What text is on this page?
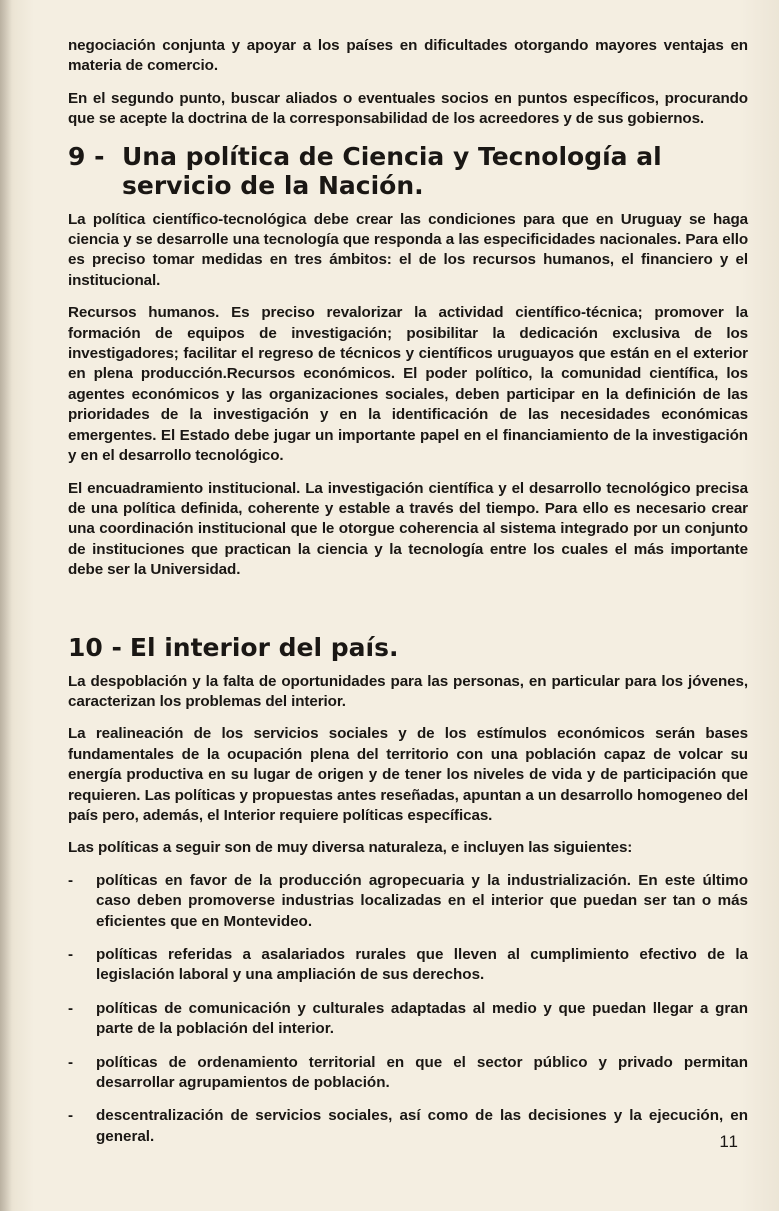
negociación conjunta y apoyar a los países en dificultades otorgando mayores ventajas en materia de comercio.

En el segundo punto, buscar aliados o eventuales socios en puntos específicos, procurando que se acepte la doctrina de la corresponsabilidad de los acreedores y de sus gobiernos.

9 - Una política de Ciencia y Tecnología al servicio de la Nación.

La política científico-tecnológica debe crear las condiciones para que en Uruguay se haga ciencia y se desarrolle una tecnología que responda a las especificidades nacionales. Para ello es preciso tomar medidas en tres ámbitos: el de los recursos humanos, el financiero y el institucional.

Recursos humanos. Es preciso revalorizar la actividad científico-técnica; promover la formación de equipos de investigación; posibilitar la dedicación exclusiva de los investigadores; facilitar el regreso de técnicos y científicos uruguayos que están en el exterior en plena producción.Recursos económicos. El poder político, la comunidad científica, los agentes económicos y las organizaciones sociales, deben participar en la definición de las prioridades de la investigación y en la identificación de las necesidades económicas emergentes. El Estado debe jugar un importante papel en el financiamiento de la investigación y en el desarrollo tecnológico.

El encuadramiento institucional. La investigación científica y el desarrollo tecnológico precisa de una política definida, coherente y estable a través del tiempo. Para ello es necesario crear una coordinación institucional que le otorgue coherencia al sistema integrado por un conjunto de instituciones que practican la ciencia y la tecnología entre los cuales el más importante debe ser la Universidad.

10 - El interior del país.

La despoblación y la falta de oportunidades para las personas, en particular para los jóvenes, caracterizan los problemas del interior.

La realineación de los servicios sociales y de los estímulos económicos serán bases fundamentales de la ocupación plena del territorio con una población capaz de volcar su energía productiva en su lugar de origen y de tener los niveles de vida y de participación que requieren. Las políticas y propuestas antes reseñadas, apuntan a un desarrollo homogeneo del país pero, además, el Interior requiere políticas específicas.

Las políticas a seguir son de muy diversa naturaleza, e incluyen las siguientes:

- políticas en favor de la producción agropecuaria y la industrialización. En este último caso deben promoverse industrias localizadas en el interior que puedan ser tan o más eficientes que en Montevideo.
- políticas referidas a asalariados rurales que lleven al cumplimiento efectivo de la legislación laboral y una ampliación de sus derechos.
- políticas de comunicación y culturales adaptadas al medio y que puedan llegar a gran parte de la población del interior.
- políticas de ordenamiento territorial en que el sector público y privado permitan desarrollar agrupamientos de población.
- descentralización de servicios sociales, así como de las decisiones y la ejecución, en general.	11
